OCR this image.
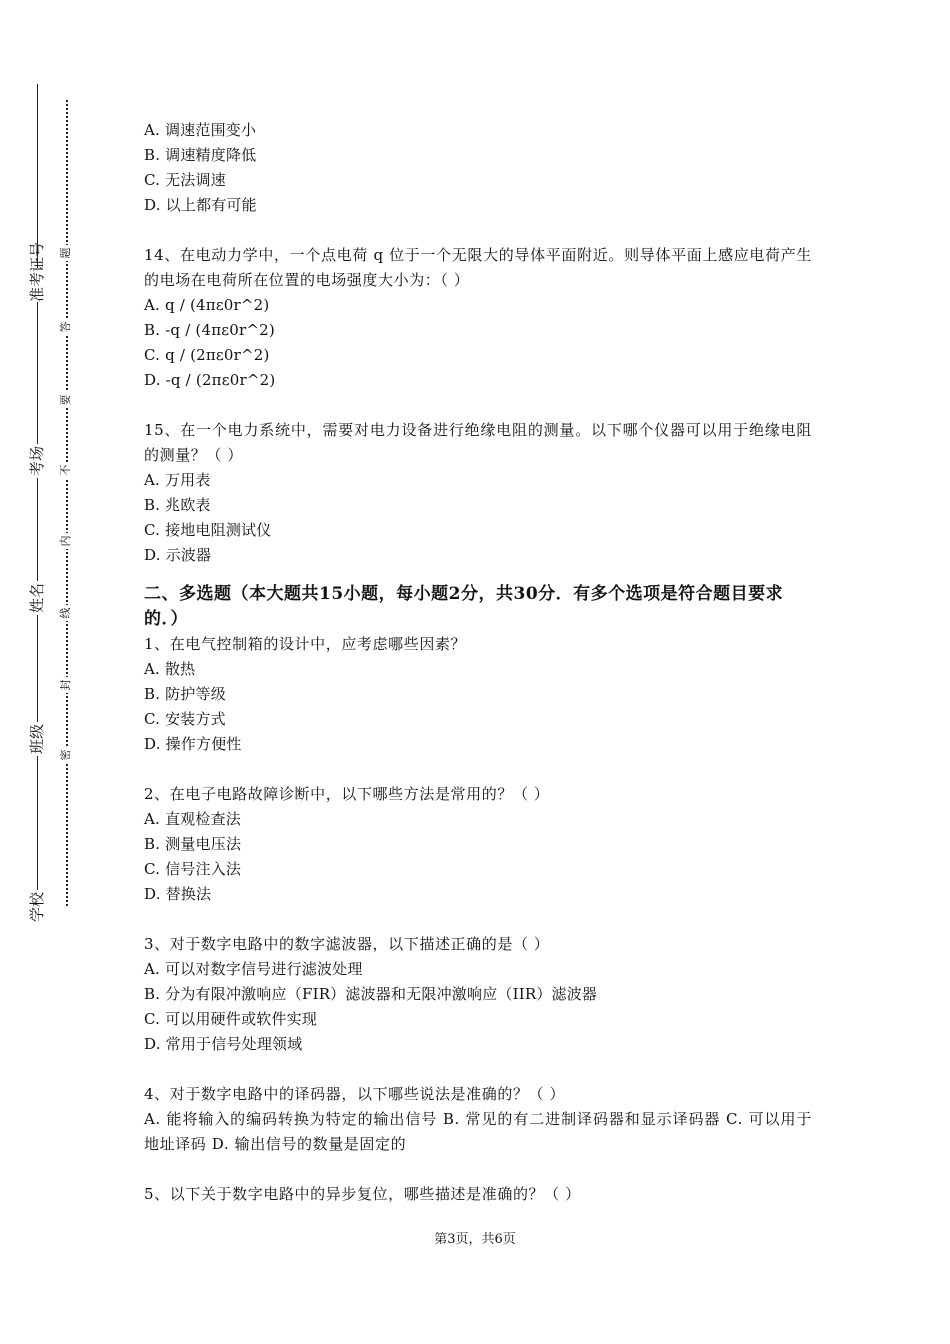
准考证号
考场
姓名
班级
学校
题
答
要
不
内
线
封
密
A. 调速范围变小
B. 调速精度降低
C. 无法调速
D. 以上都有可能
14、在电动力学中，一个点电荷 q 位于一个无限大的导体平面附近。则导体平面上感应电荷产生的电场在电荷所在位置的电场强度大小为：（ ）
A. q / (4πε0r^2)
B. -q / (4πε0r^2)
C. q / (2πε0r^2)
D. -q / (2πε0r^2)
15、在一个电力系统中，需要对电力设备进行绝缘电阻的测量。以下哪个仪器可以用于绝缘电阻的测量？（ ）
A. 万用表
B. 兆欧表
C. 接地电阻测试仪
D. 示波器
二、多选题（本大题共15小题，每小题2分，共30分．有多个选项是符合题目要求的．）
1、在电气控制箱的设计中，应考虑哪些因素？
A. 散热
B. 防护等级
C. 安装方式
D. 操作方便性
2、在电子电路故障诊断中，以下哪些方法是常用的？（ ）
A. 直观检查法
B. 测量电压法
C. 信号注入法
D. 替换法
3、对于数字电路中的数字滤波器，以下描述正确的是（ ）
A. 可以对数字信号进行滤波处理
B. 分为有限冲激响应（FIR）滤波器和无限冲激响应（IIR）滤波器
C. 可以用硬件或软件实现
D. 常用于信号处理领域
4、对于数字电路中的译码器，以下哪些说法是准确的？（ ）
A. 能将输入的编码转换为特定的输出信号 B. 常见的有二进制译码器和显示译码器 C. 可以用于地址译码 D. 输出信号的数量是固定的
5、以下关于数字电路中的异步复位，哪些描述是准确的？（ ）
第3页，共6页
